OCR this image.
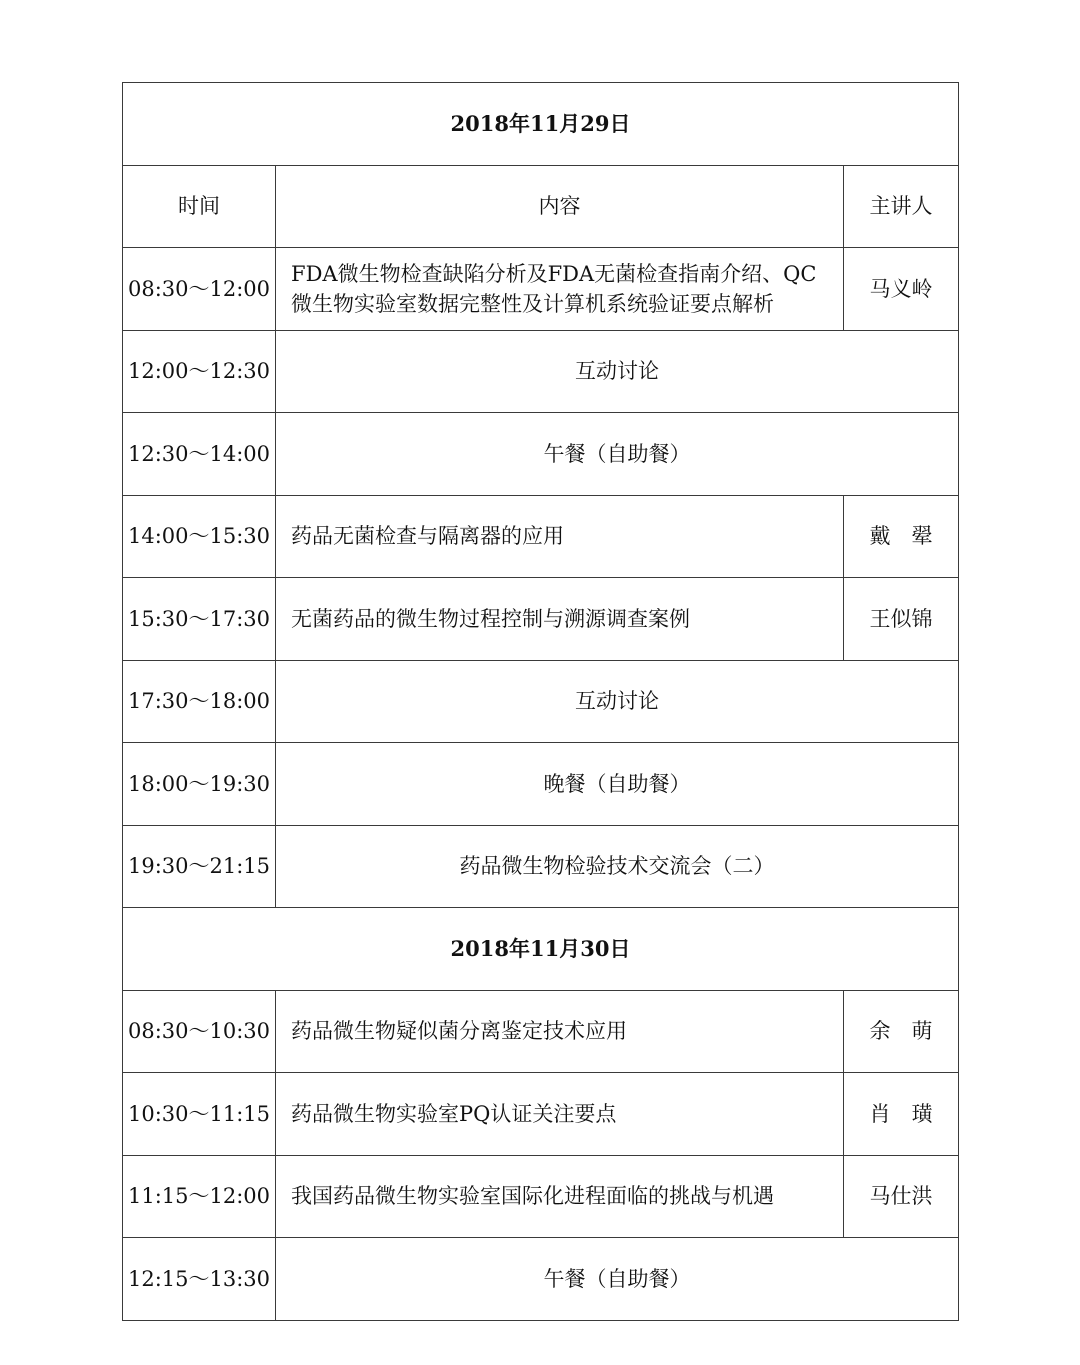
2018年11月29日		
时间	内容	主讲人
08:30～12:00	FDA微生物检查缺陷分析及FDA无菌检查指南介绍、QC微生物实验室数据完整性及计算机系统验证要点解析	马义岭
12:00～12:30	互动讨论	
12:30～14:00	午餐（自助餐）	
14:00～15:30	药品无菌检查与隔离器的应用	戴　翚
15:30～17:30	无菌药品的微生物过程控制与溯源调查案例	王似锦
17:30～18:00	互动讨论	
18:00～19:30	晚餐（自助餐）	
19:30～21:15	药品微生物检验技术交流会（二）	
2018年11月30日		
08:30～10:30	药品微生物疑似菌分离鉴定技术应用	余　萌
10:30～11:15	药品微生物实验室PQ认证关注要点	肖　璜
11:15～12:00	我国药品微生物实验室国际化进程面临的挑战与机遇	马仕洪
12:15～13:30	午餐（自助餐）	
